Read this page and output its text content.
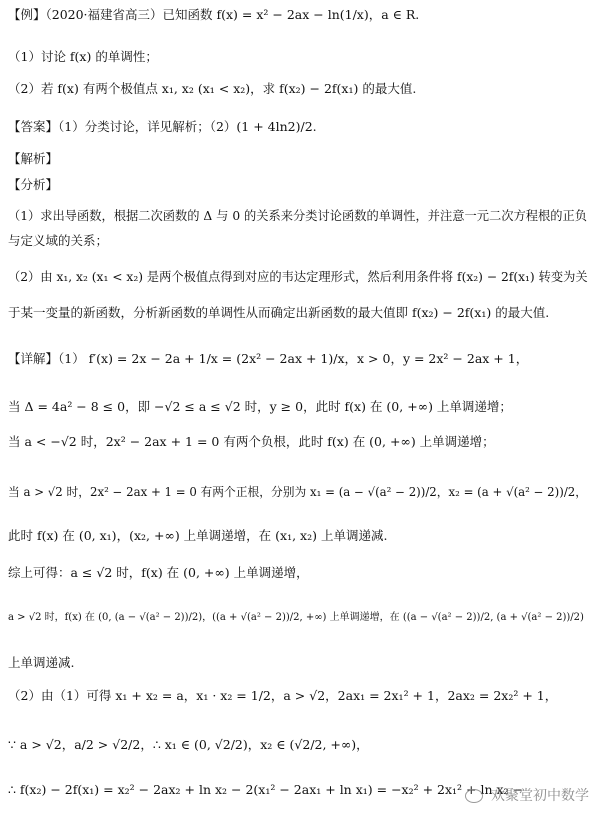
【例】（2020·福建省高三）已知函数 f(x) = x² − 2ax − ln(1/x)，a ∈ R.
（1）讨论 f(x) 的单调性；
（2）若 f(x) 有两个极值点 x₁, x₂ (x₁ < x₂)，求 f(x₂) − 2f(x₁) 的最大值.
【答案】（1）分类讨论，详见解析；（2）(1 + 4ln2)/2.
【解析】
【分析】
（1）求出导函数，根据二次函数的 Δ 与 0 的关系来分类讨论函数的单调性，并注意一元二次方程根的正负
与定义域的关系；
（2）由 x₁, x₂ (x₁ < x₂) 是两个极值点得到对应的韦达定理形式，然后利用条件将 f(x₂) − 2f(x₁) 转变为关
于某一变量的新函数，分析新函数的单调性从而确定出新函数的最大值即 f(x₂) − 2f(x₁) 的最大值.
【详解】（1） f′(x) = 2x − 2a + 1/x = (2x² − 2ax + 1)/x，x > 0，y = 2x² − 2ax + 1，
当 Δ = 4a² − 8 ≤ 0，即 −√2 ≤ a ≤ √2 时，y ≥ 0，此时 f(x) 在 (0, +∞) 上单调递增；
当 a < −√2 时，2x² − 2ax + 1 = 0 有两个负根，此时 f(x) 在 (0, +∞) 上单调递增；
当 a > √2 时，2x² − 2ax + 1 = 0 有两个正根，分别为 x₁ = (a − √(a² − 2))/2，x₂ = (a + √(a² − 2))/2，
此时 f(x) 在 (0, x₁)，(x₂, +∞) 上单调递增，在 (x₁, x₂) 上单调递减.
综上可得：a ≤ √2 时，f(x) 在 (0, +∞) 上单调递增，
a > √2 时，f(x) 在 (0, (a − √(a² − 2))/2)，((a + √(a² − 2))/2, +∞) 上单调递增，在 ((a − √(a² − 2))/2, (a + √(a² − 2))/2)
上单调递减.
（2）由（1）可得 x₁ + x₂ = a，x₁ · x₂ = 1/2，a > √2，2ax₁ = 2x₁² + 1，2ax₂ = 2x₂² + 1，
∵ a > √2，a/2 > √2/2，∴ x₁ ∈ (0, √2/2)，x₂ ∈ (√2/2, +∞)，
∴ f(x₂) − 2f(x₁) = x₂² − 2ax₂ + ln x₂ − 2(x₁² − 2ax₁ + ln x₁) = −x₂² + 2x₁² + ln x₂ −
欢聚堂初中数学
